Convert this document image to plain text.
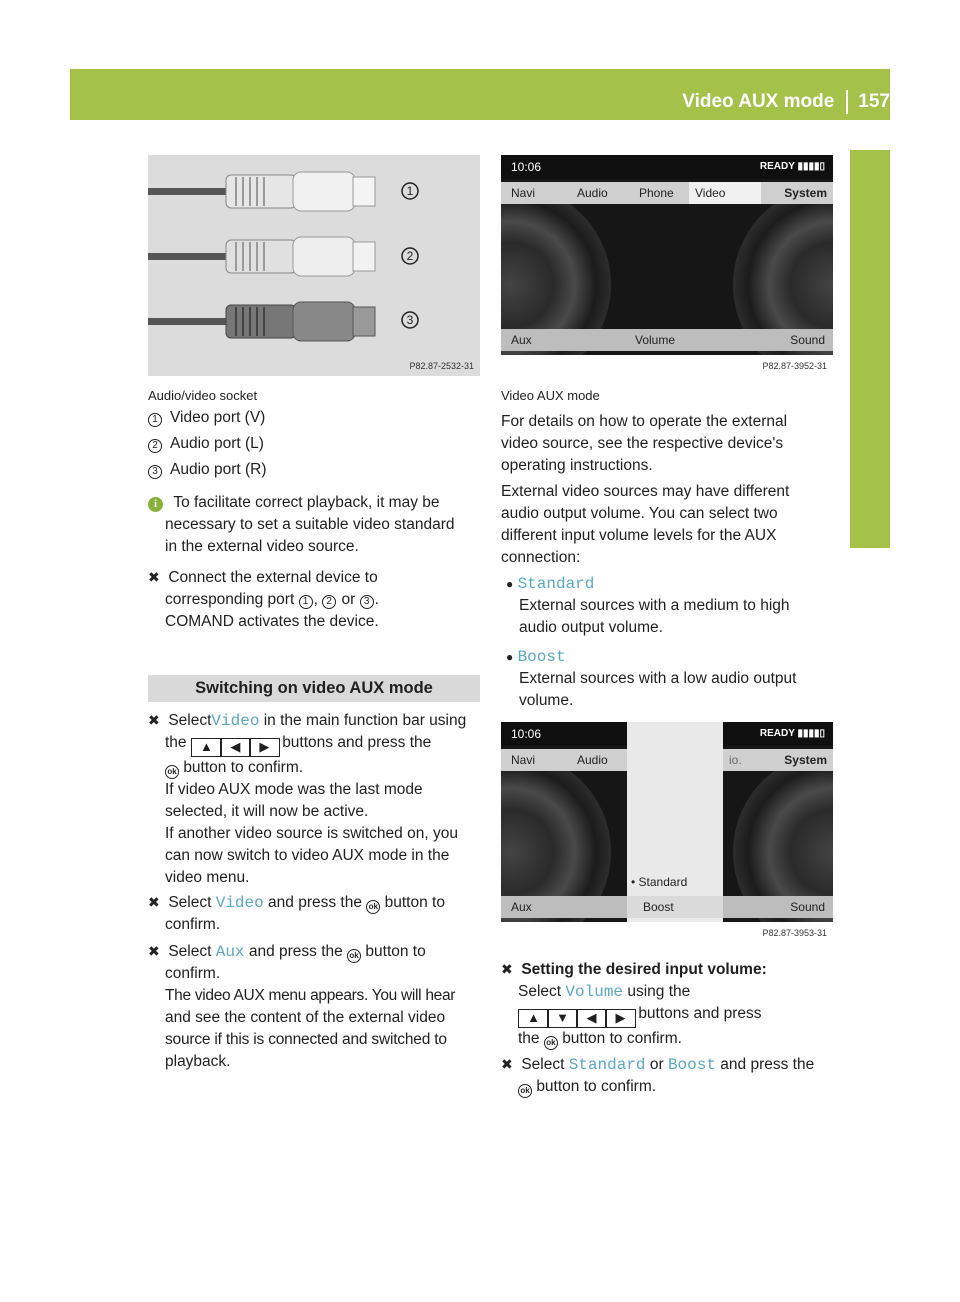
Video AUX mode 157
Video
1
2
3
P82.87-2532-31

Audio/video socket

1 Video port (V)

2 Audio port (L)

3 Audio port (R)

i To facilitate correct playback, it may be
necessary to set a suitable video standard
in the external video source.

✖ Connect the external device to
corresponding port 1 , 2 or 3 .
COMAND activates the device.

Switching on video AUX mode

✖ SelectVideo in the main function bar using
the ▲ ◀ ▶ buttons and press the
ok button to confirm.
If video AUX mode was the last mode
selected, it will now be active.
If another video source is switched on, you
can now switch to video AUX mode in the
video menu.

✖ Select Video and press the ok button to
confirm.

✖ Select Aux and press the ok button to
confirm.
The video AUX menu appears. You will hear
and see the content of the external video
source if this is connected and switched to
playback.

10:06	READY ▮▮▮▮▯
Navi	Audio	Phone	Video	System
Aux	Volume	Sound
P82.87-3952-31

Video AUX mode

For details on how to operate the external
video source, see the respective device's
operating instructions.

External video sources may have different
audio output volume. You can select two
different input volume levels for the AUX
connection:

● Standard
External sources with a medium to high
audio output volume.

● Boost
External sources with a low audio output
volume.

10:06	READY ▮▮▮▮▯
Navi	Audio	io.	System
• Standard
Aux	Boost	Sound
P82.87-3953-31

✖ Setting the desired input volume:
Select Volume using the
▲ ▼ ◀ ▶ buttons and press
the ok button to confirm.

✖ Select Standard or Boost and press the
ok button to confirm.
